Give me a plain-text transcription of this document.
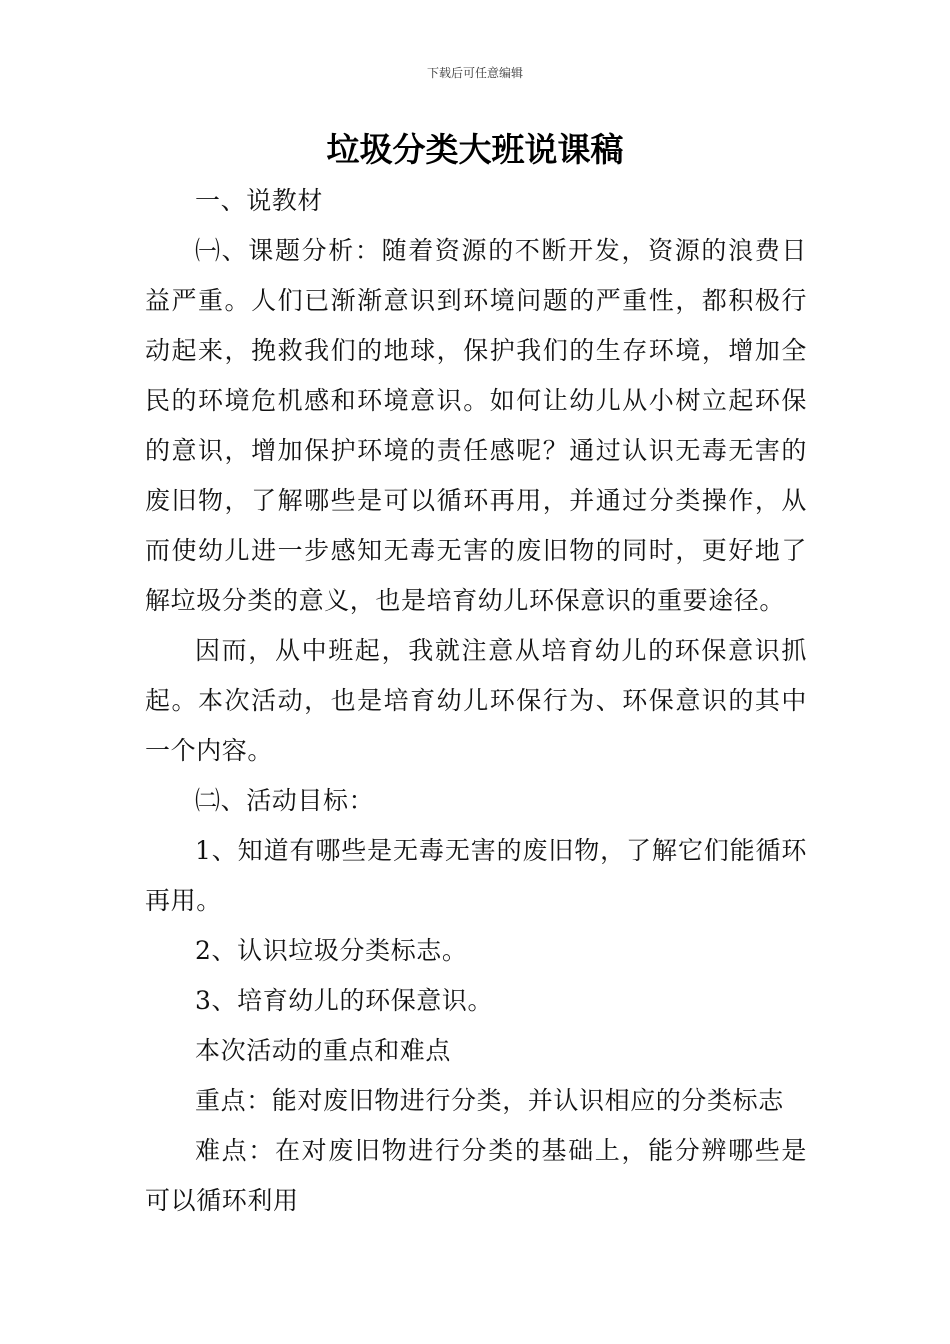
下载后可任意编辑
垃圾分类大班说课稿

一、说教材

㈠、课题分析：随着资源的不断开发，资源的浪费日益严重。人们已渐渐意识到环境问题的严重性，都积极行动起来，挽救我们的地球，保护我们的生存环境，增加全民的环境危机感和环境意识。如何让幼儿从小树立起环保的意识，增加保护环境的责任感呢？通过认识无毒无害的废旧物，了解哪些是可以循环再用，并通过分类操作，从而使幼儿进一步感知无毒无害的废旧物的同时，更好地了解垃圾分类的意义，也是培育幼儿环保意识的重要途径。

因而，从中班起，我就注意从培育幼儿的环保意识抓起。本次活动，也是培育幼儿环保行为、环保意识的其中一个内容。

㈡、活动目标：

1、知道有哪些是无毒无害的废旧物，了解它们能循环再用。

2、认识垃圾分类标志。

3、培育幼儿的环保意识。

本次活动的重点和难点

重点：能对废旧物进行分类，并认识相应的分类标志

难点：在对废旧物进行分类的基础上，能分辨哪些是可以循环利用
